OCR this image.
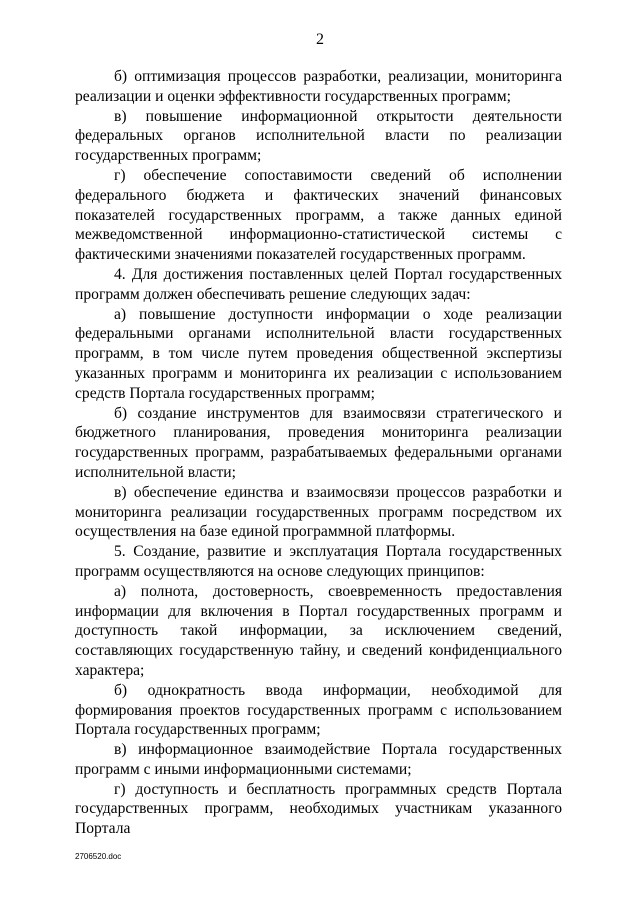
2

б) оптимизация процессов разработки, реализации, мониторинга реализации и оценки эффективности государственных программ;

в) повышение информационной открытости деятельности федеральных органов исполнительной власти по реализации государственных программ;

г) обеспечение сопоставимости сведений об исполнении федерального бюджета и фактических значений финансовых показателей государственных программ, а также данных единой межведомственной информационно-статистической системы с фактическими значениями показателей государственных программ.

4. Для достижения поставленных целей Портал государственных программ должен обеспечивать решение следующих задач:

а) повышение доступности информации о ходе реализации федеральными органами исполнительной власти государственных программ, в том числе путем проведения общественной экспертизы указанных программ и мониторинга их реализации с использованием средств Портала государственных программ;

б) создание инструментов для взаимосвязи стратегического и бюджетного планирования, проведения мониторинга реализации государственных программ, разрабатываемых федеральными органами исполнительной власти;

в) обеспечение единства и взаимосвязи процессов разработки и мониторинга реализации государственных программ посредством их осуществления на базе единой программной платформы.

5. Создание, развитие и эксплуатация Портала государственных программ осуществляются на основе следующих принципов:

а) полнота, достоверность, своевременность предоставления информации для включения в Портал государственных программ и доступность такой информации, за исключением сведений, составляющих государственную тайну, и сведений конфиденциального характера;

б) однократность ввода информации, необходимой для формирования проектов государственных программ с использованием Портала государственных программ;

в) информационное взаимодействие Портала государственных программ с иными информационными системами;

г) доступность и бесплатность программных средств Портала государственных программ, необходимых участникам указанного Портала

2706520.doc
